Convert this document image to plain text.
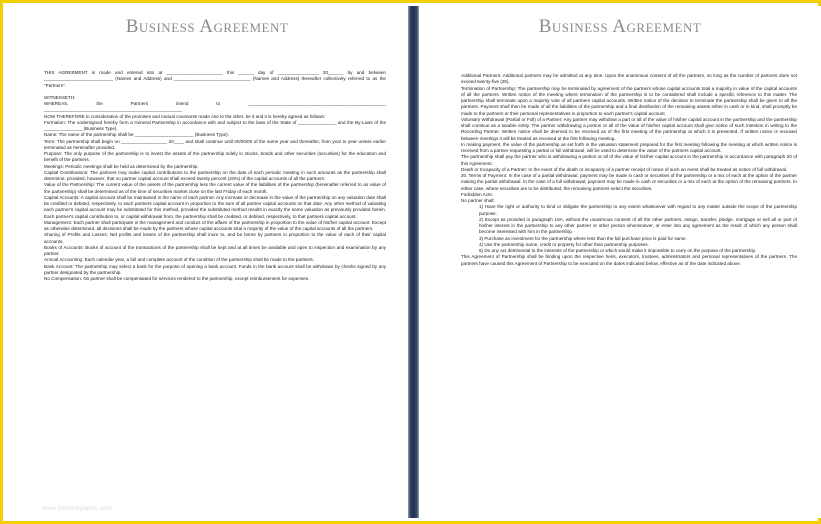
Business Agreement

THIS AGREEMENT is made and entered into at ______________________ this ______ day of ________________ 20______ by and between ___________________________ (Names and Address) and ______________________________ (Names and Address) thereafter collectively referred to as the "Partners".

WITNESSETH:

WHEREAS, the Partners intend to ______________________________________________________ ______________________________________________________

NOW THEREFORE in consideration of the promises and mutual covenants made one to the other, be it and it is hereby agreed as follows:

Formation: The undersigned hereby form a General Partnership in accordance with and subject to the laws of the State of _______________ and the By-Laws of the _______________ (Business Type).

Name: The name of the partnership shall be _______________________ (Business Type).

Term: The partnership shall begin on __________________ 20____ and shall continue until 00/00/00 of the same year and thereafter, from year to year unless earlier terminated as hereinafter provided.

Purpose: The only purpose of the partnership is to invest the assets of the partnership solely in stocks, bonds and other securities (securities) for the education and benefit of the partners.

Meetings: Periodic meetings shall be held as determined by the partnership.

Capital Contributions: The partners may make capital contributions to the partnership on the date of each periodic meeting in such amounts as the partnership shall determine; provided, however, that no partner capital account shall exceed twenty percent (20%) of the capital accounts of all the partners.

Value of the Partnership: The current value of the assets of the partnership less the current value of the liabilities of the partnership (hereinafter referred to as value of the partnership) shall be determined as of the time of securities market close on the last Friday of each month.

Capital Accounts: A capital account shall be maintained in the name of each partner. Any increase or decrease in the value of the partnership on any valuation date shall be credited or debited, respectively, to each partners capital account in proportion to the sum of all partner capital accounts on that date. Any other method of valuating each partner's capital account may be substituted for this method, provided the substituted method results in exactly the same valuation as previously provided herein. Each partner's capital contribution to, or capital withdrawal from, the partnership shall be credited, or debited, respectively, to that partners capital account.

Management: Each partner shall participate in the management and conduct of the affairs of the partnership in proportion to the value of his/her capital account. Except as otherwise determined, all decisions shall be made by the partners whose capital accounts total a majority of the value of the capital accounts of all the partners.

Sharing of Profits and Losses: Net profits and losses of the partnership shall inure to, and be borne by partners in proportion to the value of each of their capital accounts.

Books of Accounts: Books of account of the transactions of the partnership shall be kept and at all times be available and open to inspection and examination by any partner.

Annual Accounting: Each calendar year, a full and complete account of the condition of the partnership shall be made to the partners.

Bank Account: The partnership may select a bank for the purpose of opening a bank account. Funds in the bank account shall be withdrawn by checks signed by any partner designated by the partnership.

No Compensation: No partner shall be compensated for services rendered to the partnership, except reimbursement for expenses.

www.freetemplates.com
Business Agreement

Additional Partners: Additional partners may be admitted at any time. Upon the unanimous consent of all the partners, so long as the number of partners does not exceed twenty-five (25).

Termination of Partnership: The partnership may be terminated by agreement of the partners whose capital accounts total a majority in value of the capital accounts of all the partners. Written notice of the meeting where termination of the partnership is to be considered shall include a specific reference to this matter. The partnership shall terminate upon a majority vote of all partners capital accounts. Written notice of the decision to terminate the partnership shall be given to all the partners. Payment shall then be made of all the liabilities of the partnership and a final distribution of the remaining assets either in cash or in kind, shall promptly be made to the partners or their personal representatives in proportion to each partner's capital account.

Voluntary Withdrawal (Partial or Full) of a Partner: Any partner may withdraw a part or all of the value of his/her capital account in the partnership and the partnership shall continue as a taxable entity. The partner withdrawing a portion or all of the value of his/her capital account shall give notice of such intention in writing to the Recording Partner. Written notice shall be deemed to be received as of the first meeting of the partnership at which it is presented. If written notice is received between meetings it will be treated as received at the first following meeting.

In making payment, the value of the partnership as set forth in the valuation statement prepared for the first meeting following the meeting at which written notice is received from a partner requesting a partial or full withdrawal, will be used to determine the value of the partners capital account.

The partnership shall pay the partner who is withdrawing a portion or all of the value of his/her capital account in the partnership in accordance with paragraph 20 of this Agreement.

Death or Incapacity of a Partner: In the event of the death or incapacity of a partner receipt of notice of such an event shall be treated as notice of full withdrawal.

20. Terms of Payment: In the case of a partial withdrawal, payment may be made in cash or securities of the partnership or a mix of each at the option of the partner making the partial withdrawal. In the case of a full withdrawal, payment may be made in cash or securities or a mix of each at the option of the remaining partners. In either case, where securities are to be distributed, the remaining partners select the securities.

Forbidden Acts:

No partner shall:

1) Have the right or authority to bind or obligate the partnership to any extent whatsoever with regard to any matter outside the scope of the partnership purpose.

2) Except as provided in paragraph 18A, without the unanimous consent of all the other partners, assign, transfer, pledge, mortgage or sell all or part of his/her interest in the partnership to any other partner or other person whomsoever, or enter into any agreement as the result of which any person shall become interested with him in the partnership.

3) Purchase an investment for the partnership where less than the full purchase price is paid for same.

4) Use the partnership name, credit or property for other than partnership purposes.

5) Do any act detrimental to the interests of the partnership or which would make it impossible to carry on the purpose of the partnership.

This Agreement of Partnership shall be binding upon the respective heirs, executors, trustees, administrators and personal representatives of the partners. The partners have caused this Agreement of Partnership to be executed on the dates indicated below, effective as of the date indicated above.
